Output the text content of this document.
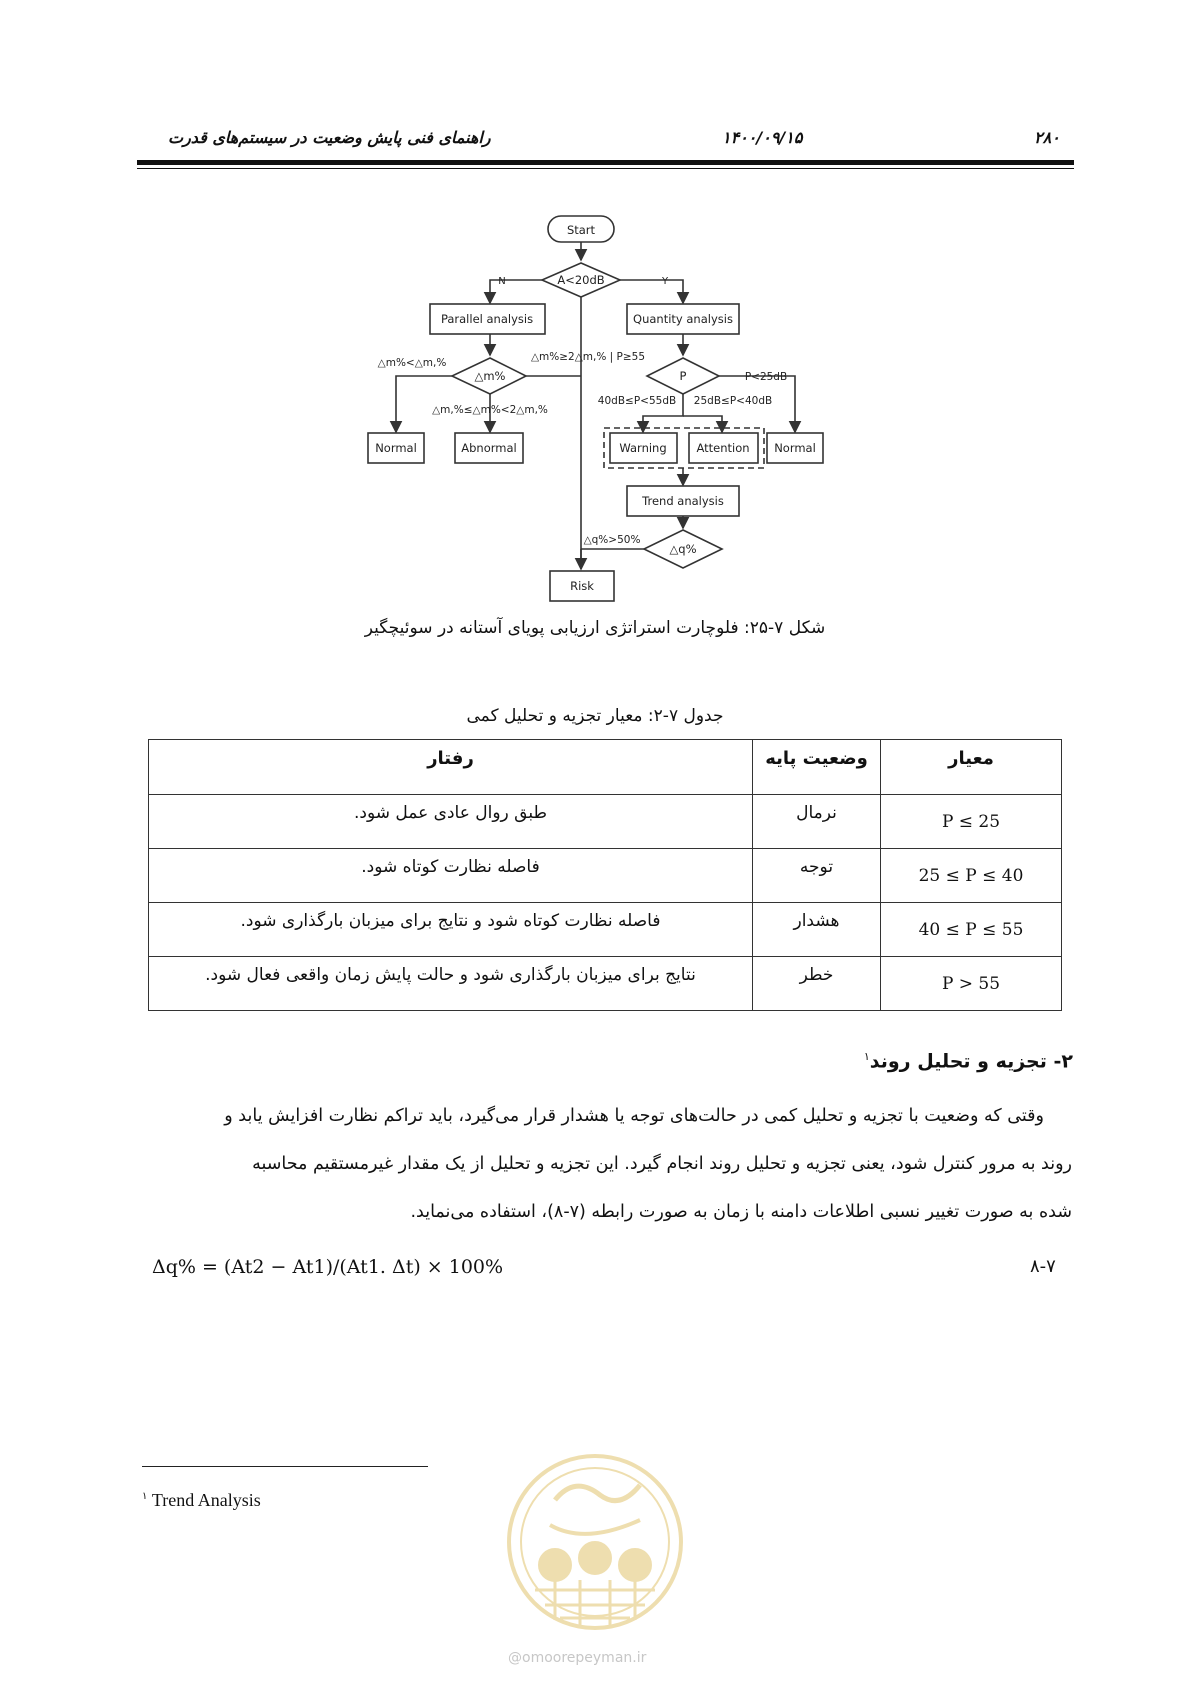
۲۸۰
۱۴۰۰/۰۹/۱۵
راهنمای فنی پایش وضعیت در سیستم‌های قدرت
Start
A<20dB
N	Y
Parallel analysis	Quantity analysis
△m%	P
△m%<△m,%	△m%≥2△m,% | P≥55
△m,%≤△m%<2△m,%
P<25dB
40dB≤P<55dB 25dB≤P<40dB
Normal	Abnormal	Warning	Attention Normal
Trend analysis
△q%
△q%>50%
Risk
شکل ۷-۲۵: فلوچارت استراتژی ارزیابی پویای آستانه در سوئیچگیر
جدول ۷-۲: معیار تجزیه و تحلیل کمی
معیار	وضعیت پایه	رفتار
P ≤ 25	نرمال	طبق روال عادی عمل شود.
25 ≤ P ≤ 40	توجه	فاصله نظارت کوتاه شود.
40 ≤ P ≤ 55	هشدار	فاصله نظارت کوتاه شود و نتایج برای میزبان بارگذاری شود.
P > 55	خطر	نتایج برای میزبان بارگذاری شود و حالت پایش زمان واقعی فعال شود.
۲- تجزیه و تحلیل روند$^۱$
وقتی که وضعیت با تجزیه و تحلیل کمی در حالت‌های توجه یا هشدار قرار می‌گیرد، باید تراکم نظارت افزایش یابد و
روند به مرور کنترل شود، یعنی تجزیه و تحلیل روند انجام گیرد. این تجزیه و تحلیل از یک مقدار غیرمستقیم محاسبه
شده به صورت تغییر نسبی اطلاعات دامنه با زمان به صورت رابطه (۷-۸)، استفاده می‌نماید.
Δq% = (At2 − At1)/(At1. Δt) × 100%	۸-۷
$^۱$ Trend Analysis
@omoorepeyman.ir
